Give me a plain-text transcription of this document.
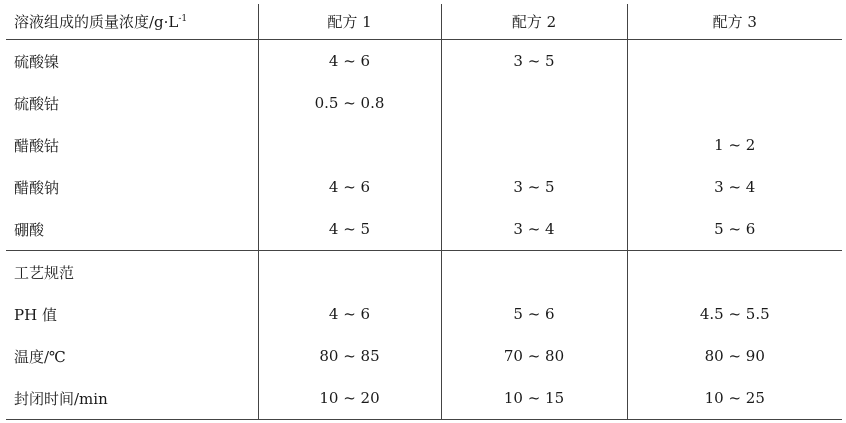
溶液组成的质量浓度$/g\cdot L^{-1}$	配方 1	配方 2	配方 3
硫酸镍	4 ~ 6	3 ~ 5	
硫酸钴	0.5 ~ 0.8		
醋酸钴			1 ~ 2
醋酸钠	4 ~ 6	3 ~ 5	3 ~ 4
硼酸	4 ~ 5	3 ~ 4	5 ~ 6
工艺规范			
PH 值	4 ~ 6	5 ~ 6	4.5 ~ 5.5
温度/℃	80 ~ 85	70 ~ 80	80 ~ 90
封闭时间/min	10 ~ 20	10 ~ 15	10 ~ 25
